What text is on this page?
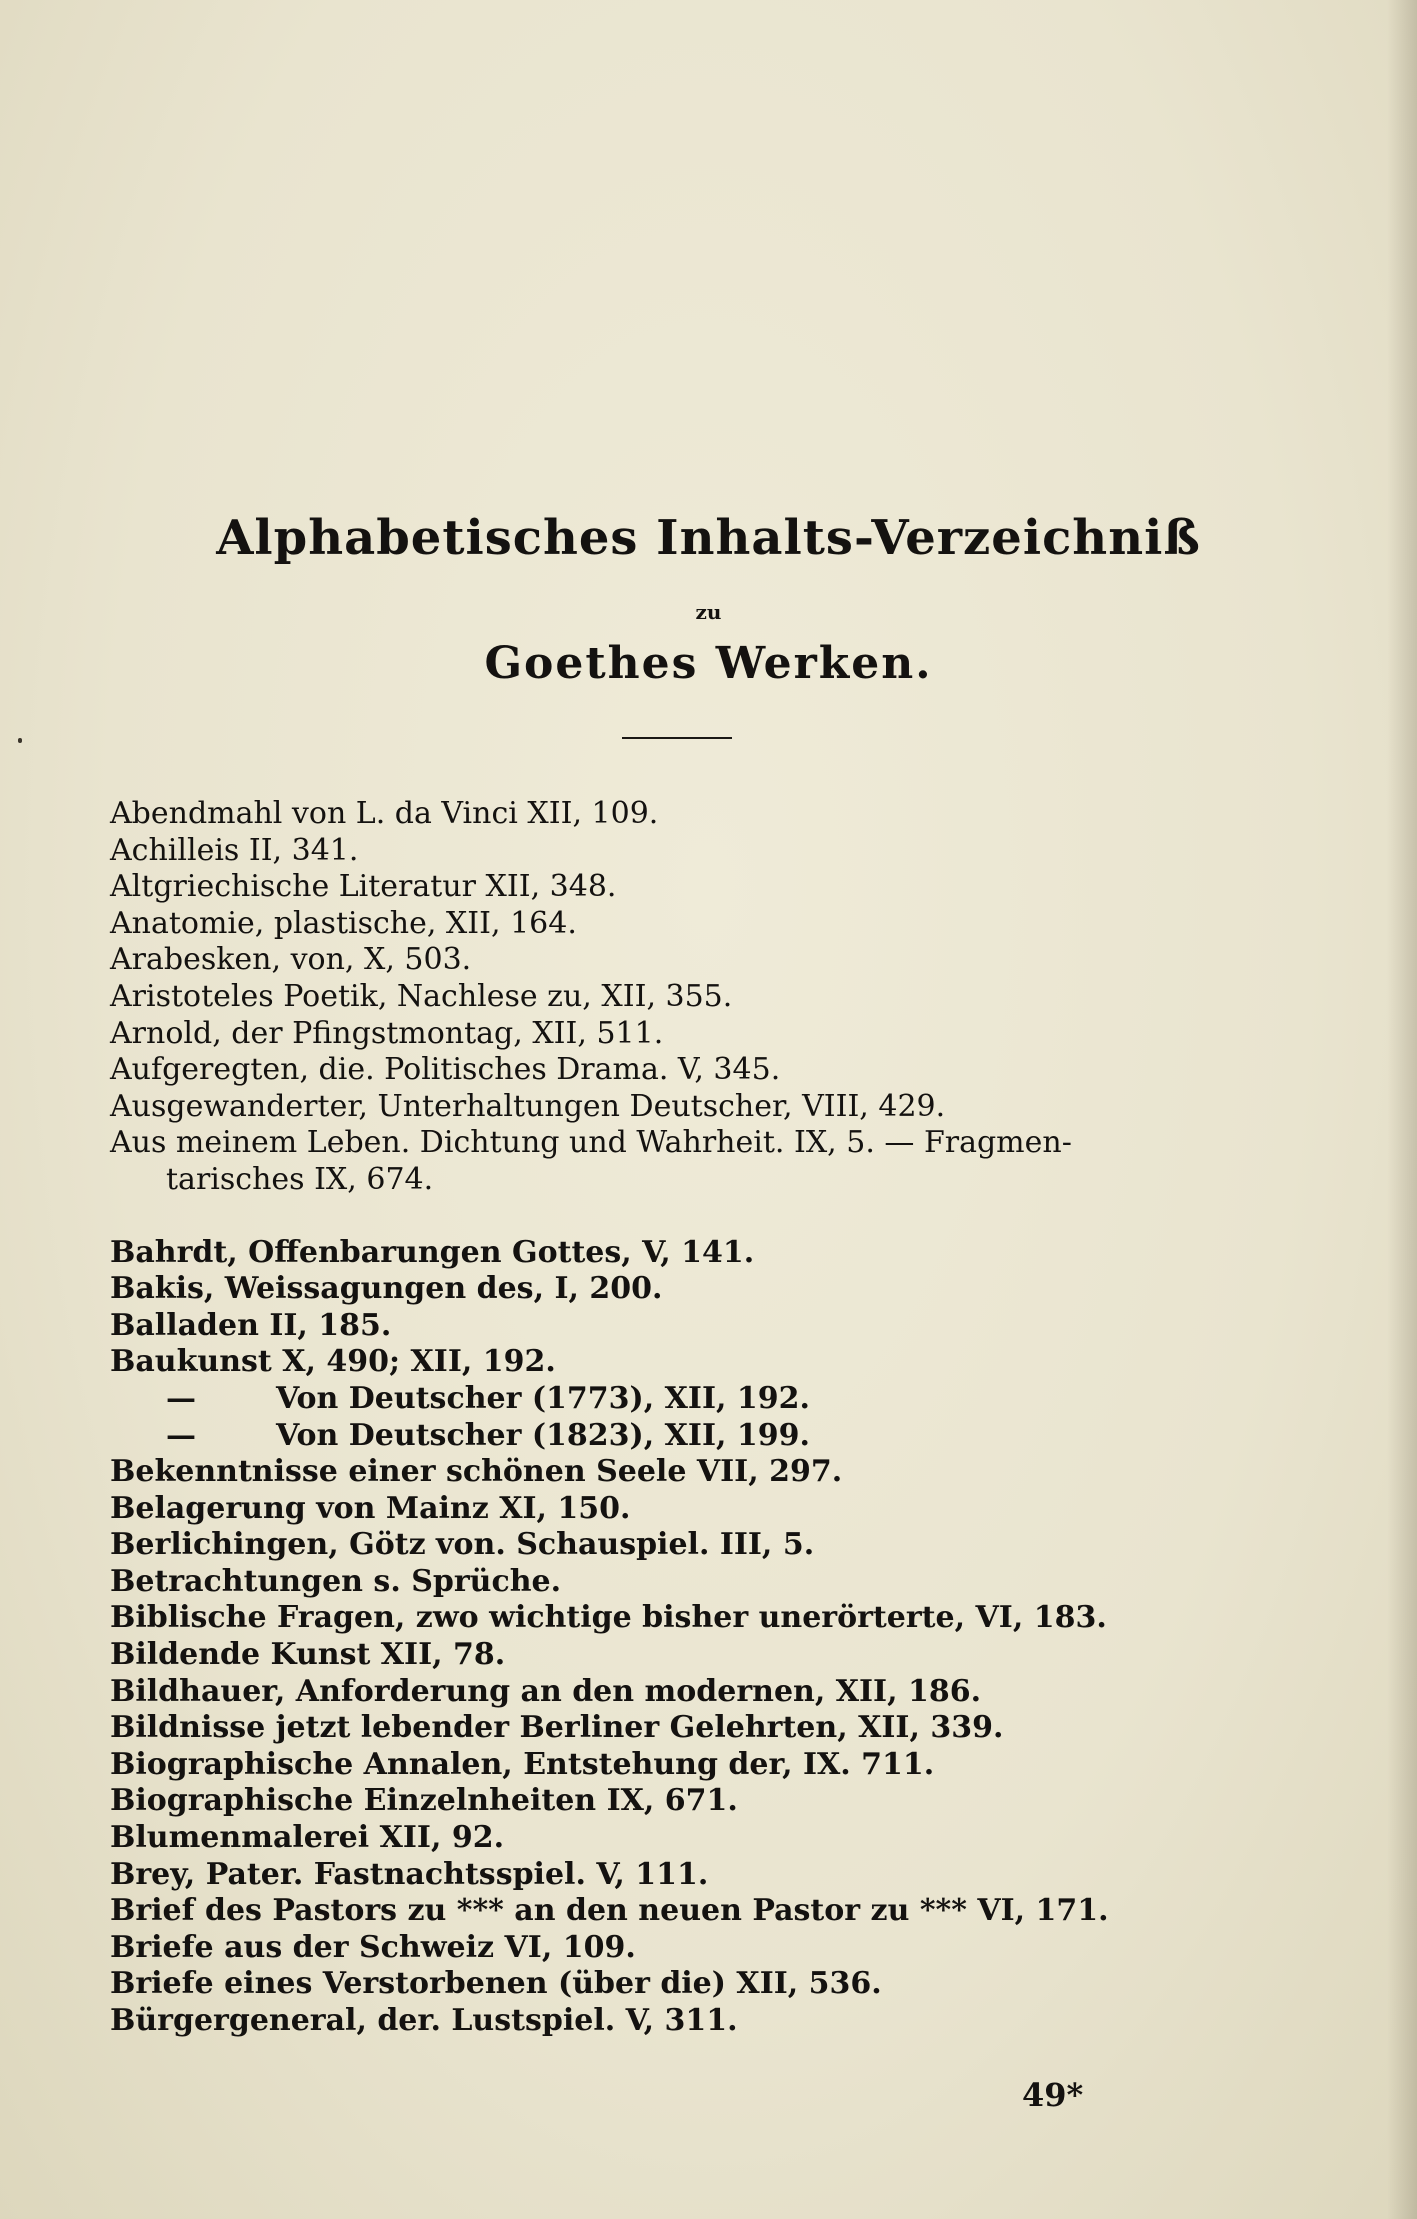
Alphabetisches Inhalts-Verzeichniß
zu
Goethes Werken.
Abendmahl von L. da Vinci XII, 109.
Achilleis II, 341.
Altgriechische Literatur XII, 348.
Anatomie, plastische, XII, 164.
Arabesken, von, X, 503.
Aristoteles Poetik, Nachlese zu, XII, 355.
Arnold, der Pfingstmontag, XII, 511.
Aufgeregten, die. Politisches Drama. V, 345.
Ausgewanderter, Unterhaltungen Deutscher, VIII, 429.
Aus meinem Leben. Dichtung und Wahrheit. IX, 5. — Fragmen-
tarisches IX, 674.
Bahrdt, Offenbarungen Gottes, V, 141.
Bakis, Weissagungen des, I, 200.
Balladen II, 185.
Baukunst X, 490; XII, 192.
—	Von Deutscher (1773), XII, 192.
—	Von Deutscher (1823), XII, 199.
Bekenntnisse einer schönen Seele VII, 297.
Belagerung von Mainz XI, 150.
Berlichingen, Götz von. Schauspiel. III, 5.
Betrachtungen s. Sprüche.
Biblische Fragen, zwo wichtige bisher unerörterte, VI, 183.
Bildende Kunst XII, 78.
Bildhauer, Anforderung an den modernen, XII, 186.
Bildnisse jetzt lebender Berliner Gelehrten, XII, 339.
Biographische Annalen, Entstehung der, IX. 711.
Biographische Einzelnheiten IX, 671.
Blumenmalerei XII, 92.
Brey, Pater. Fastnachtsspiel. V, 111.
Brief des Pastors zu *** an den neuen Pastor zu *** VI, 171.
Briefe aus der Schweiz VI, 109.
Briefe eines Verstorbenen (über die) XII, 536.
Bürgergeneral, der. Lustspiel. V, 311.
49*
